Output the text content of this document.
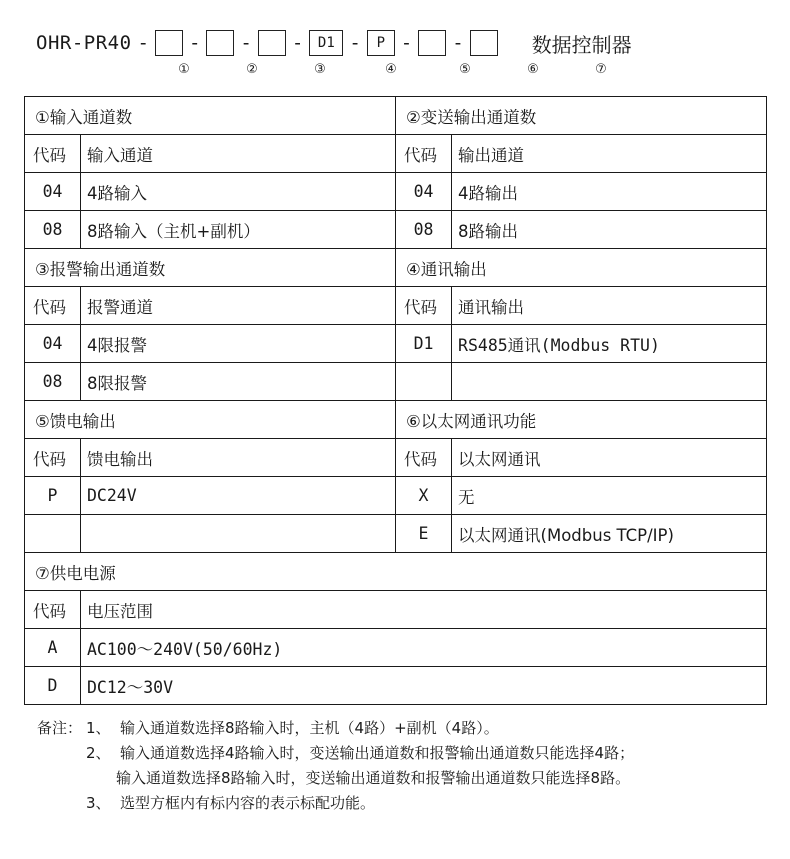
OHR-PR40 -	-	-	-	D1 -	P -	-	数据控制器
①	②	③	④	⑤	⑥	⑦
①输入通道数		②变送输出通道数	
代码	输入通道	代码	输出通道
04	4路输入	04	4路输出
08	8路输入（主机+副机）	08	8路输出
③报警输出通道数		④通讯输出	
代码	报警通道	代码	通讯输出
04	4限报警	D1	RS485通讯(Modbus RTU)
08	8限报警		
⑤馈电输出		⑥以太网通讯功能	
代码	馈电输出	代码	以太网通讯
P	DC24V	X	无
		E	以太网通讯(Modbus TCP/IP)
⑦供电电源			
代码	电压范围		
A	AC100～240V(50/60Hz)		
D	DC12～30V		
备注： 1、 输入通道数选择8路输入时，主机（4路）+副机（4路）。
2、 输入通道数选择4路输入时，变送输出通道数和报警输出通道数只能选择4路；
输入通道数选择8路输入时，变送输出通道数和报警输出通道数只能选择8路。
3、 选型方框内有标内容的表示标配功能。
